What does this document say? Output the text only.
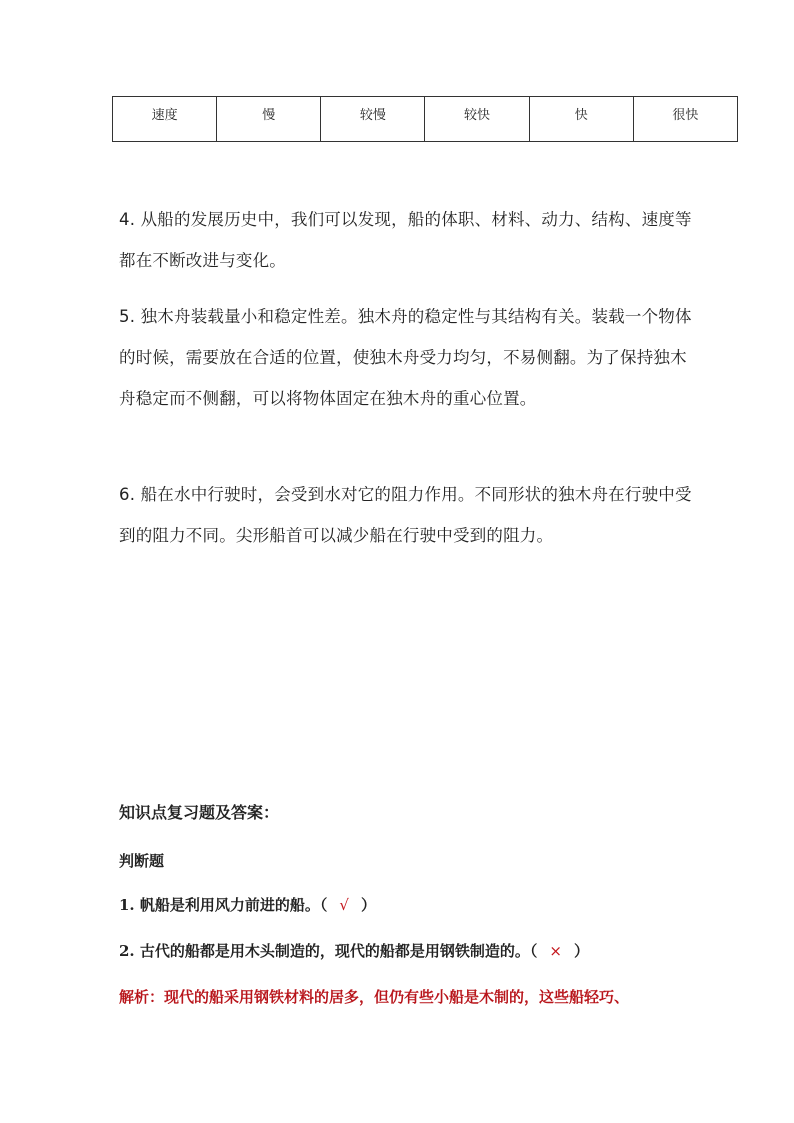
速度	慢	较慢	较快	快	很快

4. 从船的发展历史中，我们可以发现，船的体职、材料、动力、结构、速度等都在不断改进与变化。

5. 独木舟装载量小和稳定性差。独木舟的稳定性与其结构有关。装载一个物体的时候，需要放在合适的位置，使独木舟受力均匀，不易侧翻。为了保持独木舟稳定而不侧翻，可以将物体固定在独木舟的重心位置。

6. 船在水中行驶时，会受到水对它的阻力作用。不同形状的独木舟在行驶中受到的阻力不同。尖形船首可以减少船在行驶中受到的阻力。

知识点复习题及答案：

判断题

1. 帆船是利用风力前进的船。（ √ ）

2. 古代的船都是用木头制造的，现代的船都是用钢铁制造的。（ × ）

解析：现代的船采用钢铁材料的居多，但仍有些小船是木制的，这些船轻巧、
